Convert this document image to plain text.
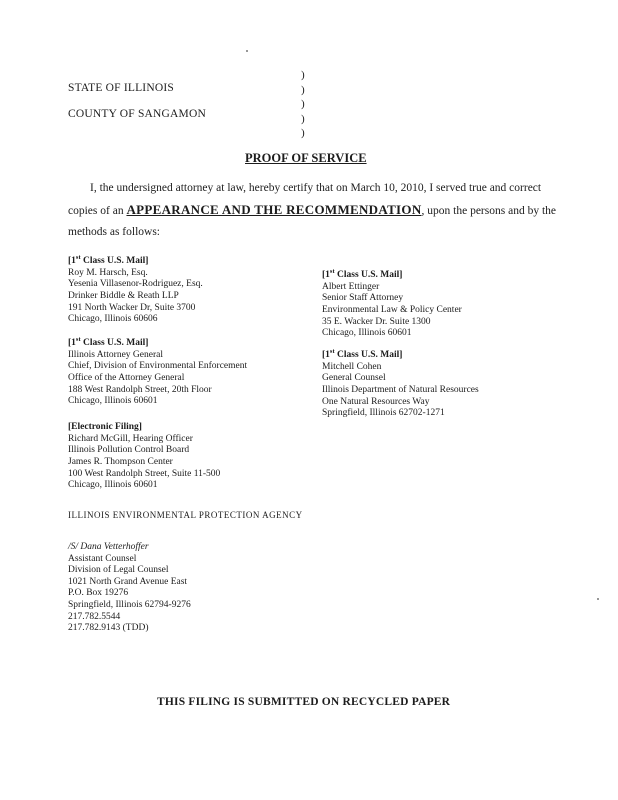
STATE OF ILLINOIS
COUNTY OF SANGAMON
)
)
)
)
)
PROOF OF SERVICE
I, the undersigned attorney at law, hereby certify that on March 10, 2010, I served true and correct
copies of an APPEARANCE AND THE RECOMMENDATION, upon the persons and by the
methods as follows:
[1st Class U.S. Mail]
Roy M. Harsch, Esq.
Yesenia Villasenor-Rodriguez, Esq.
Drinker Biddle & Reath LLP
191 North Wacker Dr, Suite 3700
Chicago, Illinois 60606
[1st Class U.S. Mail]
Illinois Attorney General
Chief, Division of Environmental Enforcement
Office of the Attorney General
188 West Randolph Street, 20th Floor
Chicago, Illinois 60601
[Electronic Filing]
Richard McGill, Hearing Officer
Illinois Pollution Control Board
James R. Thompson Center
100 West Randolph Street, Suite 11-500
Chicago, Illinois 60601
[1st Class U.S. Mail]
Albert Ettinger
Senior Staff Attorney
Environmental Law & Policy Center
35 E. Wacker Dr. Suite 1300
Chicago, Illinois 60601
[1st Class U.S. Mail]
Mitchell Cohen
General Counsel
Illinois Department of Natural Resources
One Natural Resources Way
Springfield, Illinois 62702-1271
ILLINOIS ENVIRONMENTAL PROTECTION AGENCY
/S/ Dana Vetterhoffer
Assistant Counsel
Division of Legal Counsel
1021 North Grand Avenue East
P.O. Box 19276
Springfield, Illinois 62794-9276
217.782.5544
217.782.9143 (TDD)
THIS FILING IS SUBMITTED ON RECYCLED PAPER
